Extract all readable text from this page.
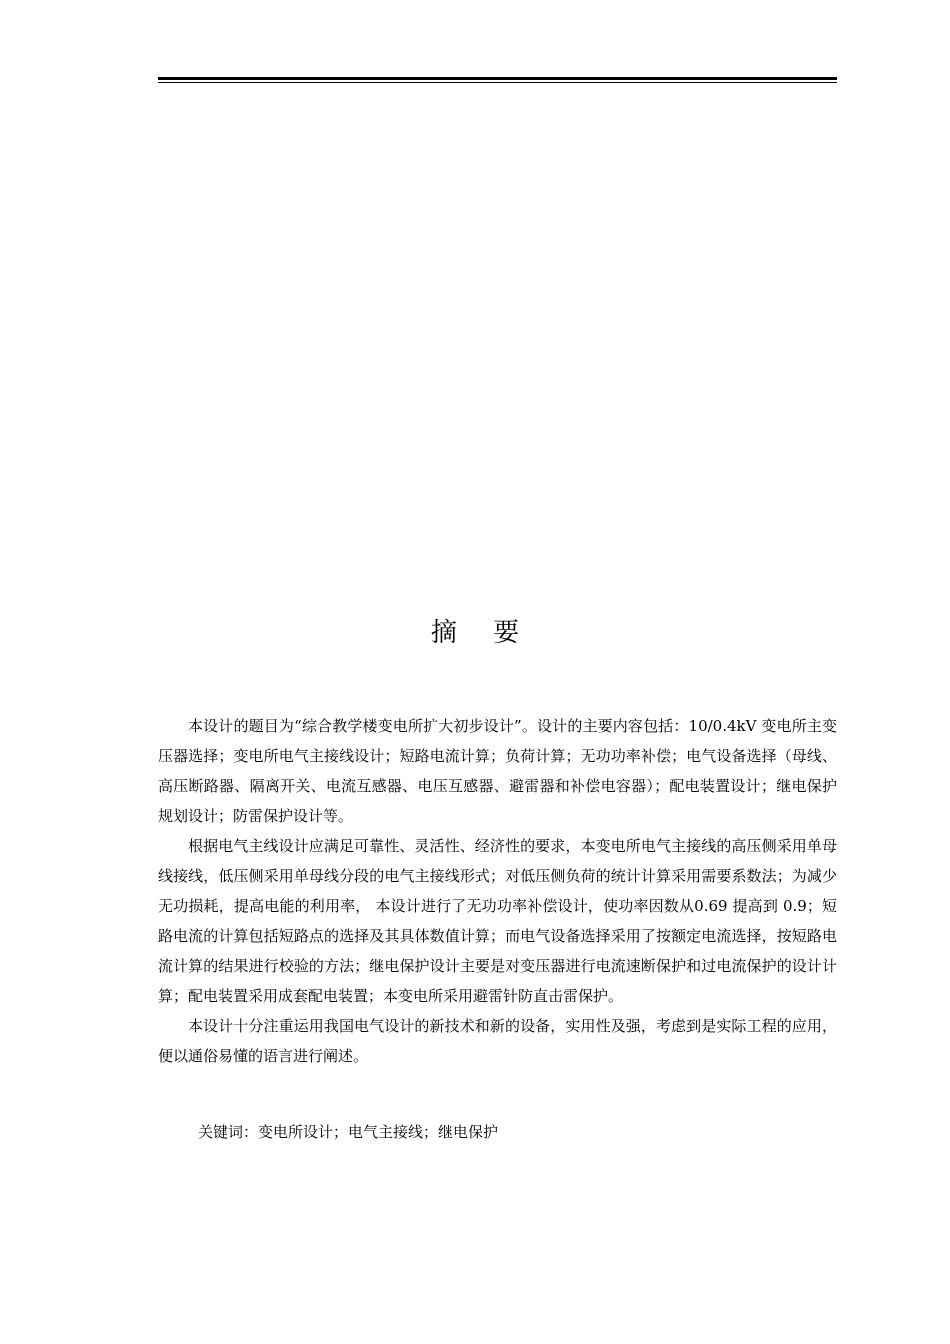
摘 要

本设计的题目为“综合教学楼变电所扩大初步设计”。设计的主要内容包括：10/0.4kV 变电所主变压器选择；变电所电气主接线设计；短路电流计算；负荷计算；无功功率补偿；电气设备选择（母线、高压断路器、隔离开关、电流互感器、电压互感器、避雷器和补偿电容器）；配电装置设计；继电保护规划设计；防雷保护设计等。

根据电气主线设计应满足可靠性、灵活性、经济性的要求，本变电所电气主接线的高压侧采用单母线接线，低压侧采用单母线分段的电气主接线形式；对低压侧负荷的统计计算采用需要系数法；为减少无功损耗，提高电能的利用率， 本设计进行了无功功率补偿设计，使功率因数从0.69 提高到 0.9；短路电流的计算包括短路点的选择及其具体数值计算；而电气设备选择采用了按额定电流选择，按短路电流计算的结果进行校验的方法；继电保护设计主要是对变压器进行电流速断保护和过电流保护的设计计算；配电装置采用成套配电装置；本变电所采用避雷针防直击雷保护。

本设计十分注重运用我国电气设计的新技术和新的设备，实用性及强，考虑到是实际工程的应用，便以通俗易懂的语言进行阐述。

关键词：变电所设计；电气主接线；继电保护
